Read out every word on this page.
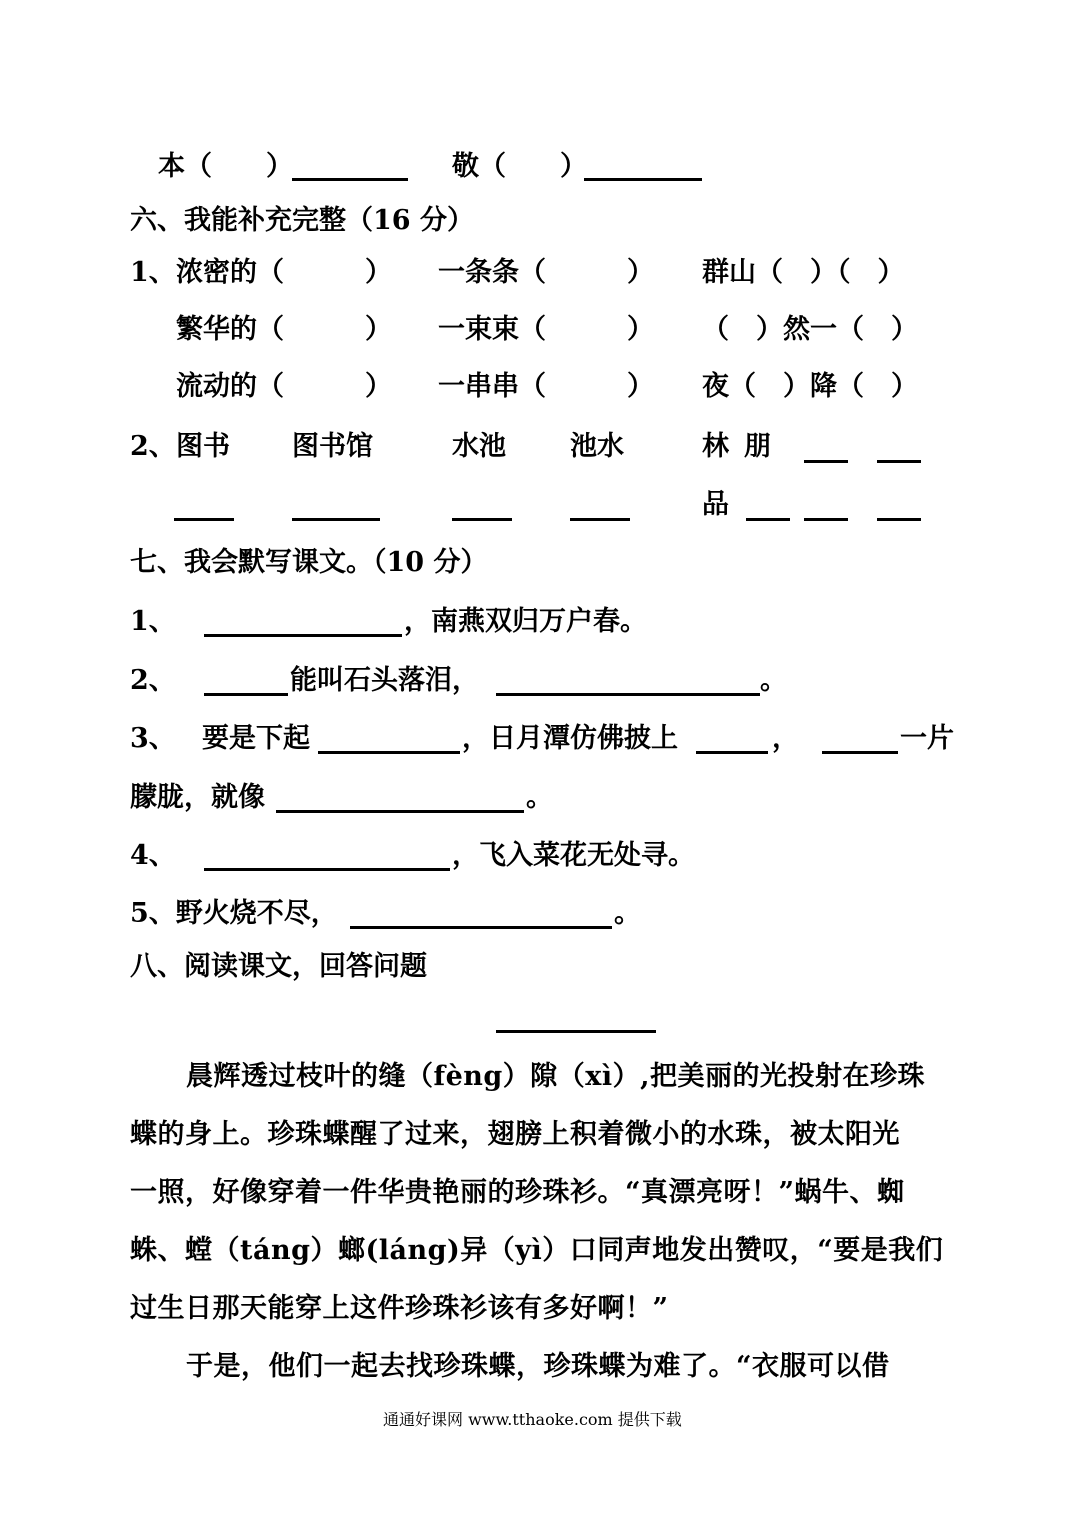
本（　　）	敬（　　）
六、我能补充完整（16 分）
1、 浓密的（　　　） 一条条（　　　） 群山（　）（　）
繁华的（　　　） 一束束（　　　） （　）然一（　）
流动的（　　　） 一串串（　　　） 夜（　）降（　）
2、 图书 图书馆	水池 池水	林 朋
品
七、我会默写课文。（10 分）
1、	，南燕双归万户春。
2、	能叫石头落泪，	。
3、 要是下起	，日月潭仿佛披上	，	一片
朦胧，就像	。
4、	，飞入菜花无处寻。
5、野火烧不尽，	。
八、阅读课文，回答问题
晨辉透过枝叶的缝（fèng）隙（xì）,把美丽的光投射在珍珠
蝶的身上。珍珠蝶醒了过来，翅膀上积着微小的水珠，被太阳光
一照，好像穿着一件华贵艳丽的珍珠衫。“真漂亮呀！”蜗牛、蜘
蛛、螳（táng）螂(láng)异（yì）口同声地发出赞叹，“要是我们
过生日那天能穿上这件珍珠衫该有多好啊！”
于是，他们一起去找珍珠蝶，珍珠蝶为难了。“衣服可以借
通通好课网 www.tthaoke.com 提供下载
